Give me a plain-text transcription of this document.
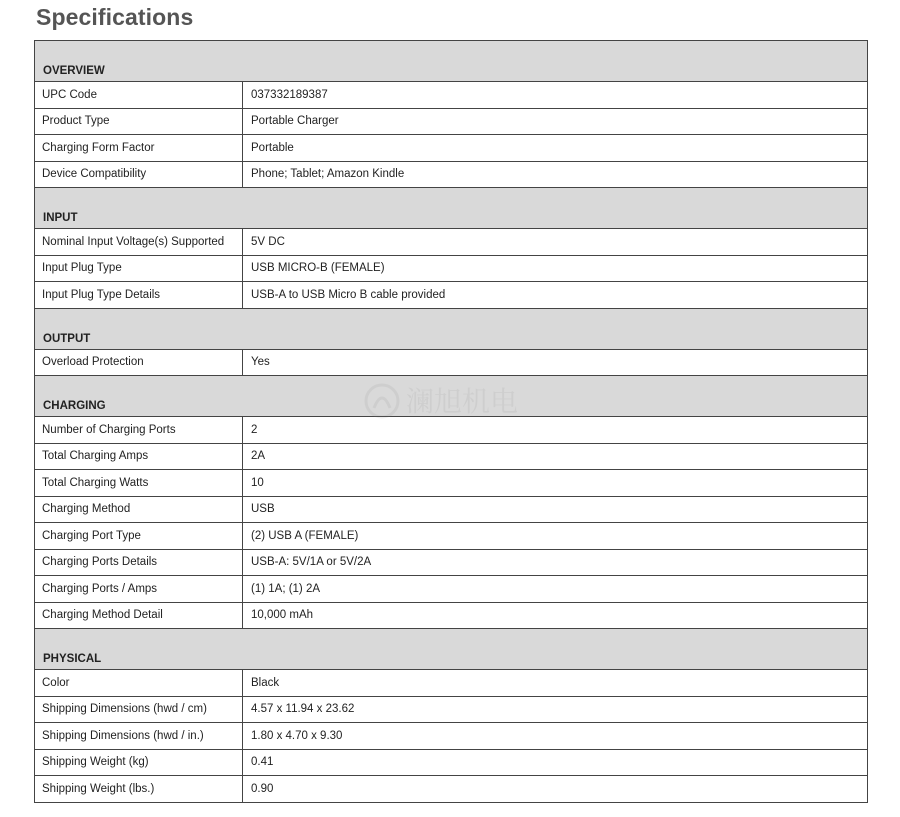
Specifications
OVERVIEW	
UPC Code	037332189387
Product Type	Portable Charger
Charging Form Factor	Portable
Device Compatibility	Phone; Tablet; Amazon Kindle
INPUT	
Nominal Input Voltage(s) Supported	5V DC
Input Plug Type	USB MICRO-B (FEMALE)
Input Plug Type Details	USB-A to USB Micro B cable provided
OUTPUT	
Overload Protection	Yes
CHARGING	
Number of Charging Ports	2
Total Charging Amps	2A
Total Charging Watts	10
Charging Method	USB
Charging Port Type	(2) USB A (FEMALE)
Charging Ports Details	USB-A: 5V/1A or 5V/2A
Charging Ports / Amps	(1) 1A; (1) 2A
Charging Method Detail	10,000 mAh
PHYSICAL	
Color	Black
Shipping Dimensions (hwd / cm)	4.57 x 11.94 x 23.62
Shipping Dimensions (hwd / in.)	1.80 x 4.70 x 9.30
Shipping Weight (kg)	0.41
Shipping Weight (lbs.)	0.90
